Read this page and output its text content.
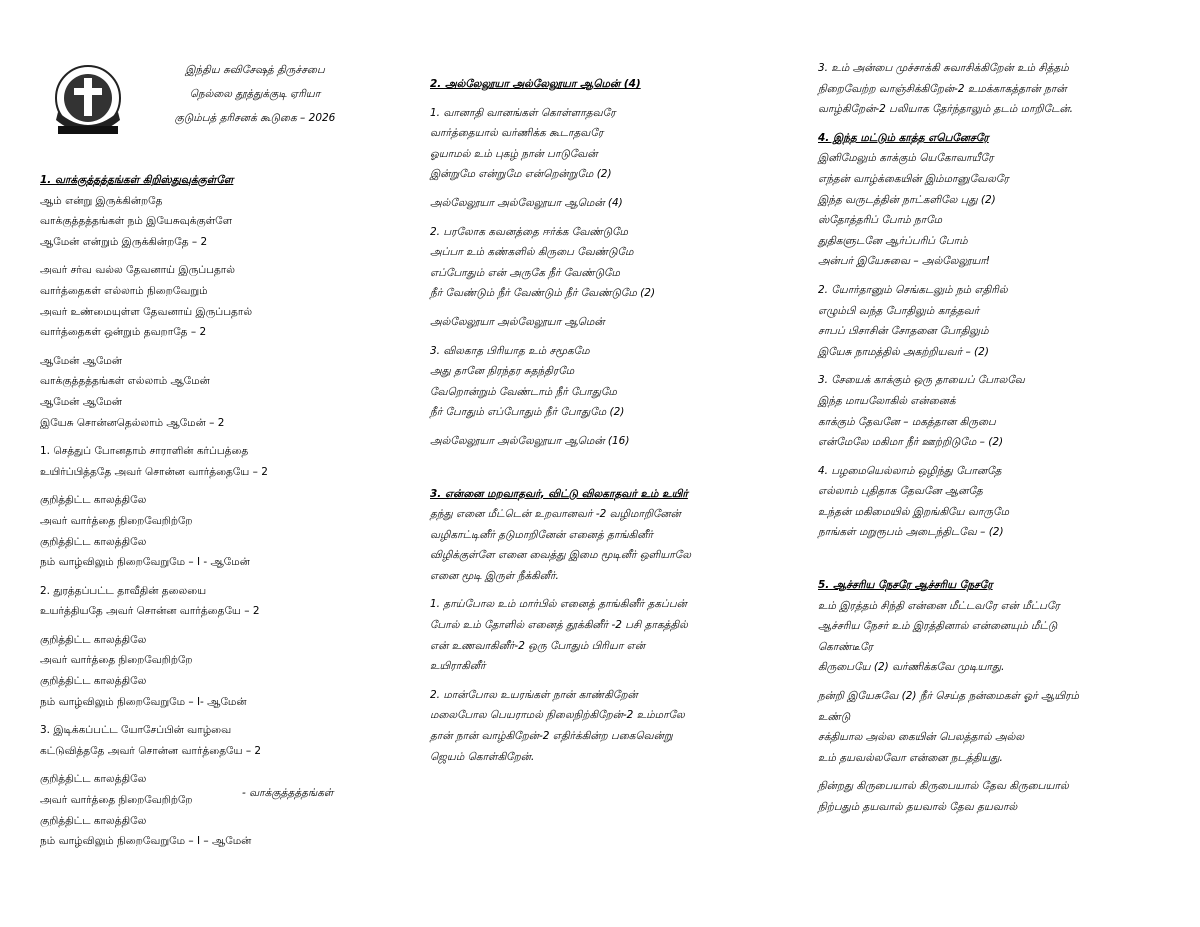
இந்திய சுவிசேஷத் திருச்சபை
நெல்லை தூத்துக்குடி ஏரியா
குடும்பத் தரிசனக் கூடுகை – 2026
1. வாக்குத்தத்தங்கள் கிறிஸ்துவுக்குள்ளே
ஆம் என்று இருக்கின்றதே
வாக்குத்தத்தங்கள் நம் இயேசுவுக்குள்ளே
ஆமேன் என்றும் இருக்கின்றதே – 2
அவர் சர்வ வல்ல தேவனாய் இருப்பதால்
வார்த்தைகள் எல்லாம் நிறைவேறும்
அவர் உண்மையுள்ள தேவனாய் இருப்பதால்
வார்த்தைகள் ஒன்றும் தவறாதே – 2
ஆமேன் ஆமேன்
வாக்குத்தத்தங்கள் எல்லாம் ஆமேன்
ஆமேன் ஆமேன்
இயேசு சொன்னதெல்லாம் ஆமேன் – 2
1. செத்துப் போனதாம் சாராளின் கர்ப்பத்தை
உயிர்ப்பித்ததே அவர் சொன்ன வார்த்தையே – 2
குறித்திட்ட காலத்திலே
அவர் வார்த்தை நிறைவேறிற்றே
குறித்திட்ட காலத்திலே
நம் வாழ்விலும் நிறைவேறுமே – I - ஆமேன்
2. துரத்தப்பட்ட தாவீதின் தலையை
உயர்த்தியதே அவர் சொன்ன வார்த்தையே – 2
குறித்திட்ட காலத்திலே
அவர் வார்த்தை நிறைவேறிற்றே
குறித்திட்ட காலத்திலே
நம் வாழ்விலும் நிறைவேறுமே – I- ஆமேன்
3. இடிக்கப்பட்ட யோசேப்பின் வாழ்வை
கட்டுவித்ததே அவர் சொன்ன வார்த்தையே – 2
குறித்திட்ட காலத்திலே
அவர் வார்த்தை நிறைவேறிற்றே
குறித்திட்ட காலத்திலே
நம் வாழ்விலும் நிறைவேறுமே – I – ஆமேன்
- வாக்குத்தத்தங்கள்
2. அல்லேலூயா அல்லேலூயா ஆமென் (4)
1. வானாதி வானங்கள் கொள்ளாதவரே
வார்த்தையால் வர்ணிக்க கூடாதவரே
ஓயாமல் உம் புகழ் நான் பாடுவேன்
இன்றுமே என்றுமே என்றென்றுமே (2)
அல்லேலூயா அல்லேலூயா ஆமென் (4)
2. பரலோக கவனத்தை ஈர்க்க வேண்டுமே
அப்பா உம் கண்களில் கிருபை வேண்டுமே
எப்போதும் என் அருகே நீர் வேண்டுமே
நீர் வேண்டும் நீர் வேண்டும் நீர் வேண்டுமே (2)
அல்லேலூயா அல்லேலூயா ஆமென்
3. விலகாத பிரியாத உம் சமூகமே
அது தானே நிரந்தர சுதந்திரமே
வேறொன்றும் வேண்டாம் நீர் போதுமே
நீர் போதும் எப்போதும் நீர் போதுமே (2)
அல்லேலூயா அல்லேலூயா ஆமென் (16)
3. என்னை மறவாதவர், விட்டு விலகாதவர் உம் உயிர்
தந்து எனை மீட்டென் உறவானவர் -2 வழிமாறினேன்
வழிகாட்டினீர் தடுமாறினேன் எனைத் தாங்கினீர்
விழிக்குள்ளே எனை வைத்து இமை மூடினீர் ஒளியாலே
எனை மூடி இருள் நீக்கினீர்.
1. தாய்போல உம் மார்பில் எனைத் தாங்கினீர் தகப்பன்
போல் உம் தோளில் எனைத் தூக்கினீர் -2 பசி தாகத்தில்
என் உணவாகினீர்-2 ஒரு போதும் பிரியா என்
உயிராகினீர்
2. மான்போல உயரங்கள் நான் காண்கிறேன்
மலைபோல பெயராமல் நிலைநிற்கிறேன்-2 உம்மாலே
தான் நான் வாழ்கிறேன்-2 எதிர்க்கின்ற பகைவென்று
ஜெயம் கொள்கிறேன்.
3. உம் அன்பை முச்சாக்கி சுவாசிக்கிறேன் உம் சித்தம்
நிறைவேற்ற வாஞ்சிக்கிறேன்-2 உமக்காகத்தான் நான்
வாழ்கிறேன்-2 பலியாக தேர்ந்தாலும் தடம் மாறிடேன்.
4. இந்த மட்டும் காத்த எபெனேசரே
இனிமேலும் காக்கும் யெகோவாயீரே
எந்தன் வாழ்க்கையின் இம்மானுவேலரே
இந்த வருடத்தின் நாட்களிலே புது (2)
ஸ்தோத்தரிப் போம் நாமே
துதிகளுடனே ஆர்ப்பரிப் போம்
அன்பர் இயேசுவை – அல்லேலூயா!
2. யோர்தானும் செங்கடலும் நம் எதிரில்
எழும்பி வந்த போதிலும் காத்தவர்
சாபப் பிசாசின் சோதனை போதிலும்
இயேசு நாமத்தில் அகற்றியவர் – (2)
3. சேயைக் காக்கும் ஒரு தாயைப் போலவே
இந்த மாயலோகில் என்னைக்
காக்கும் தேவனே – மகத்தான கிருபை
என்மேலே மகிமா நீர் ஊற்றிடுமே – (2)
4. பழமையெல்லாம் ஒழிந்து போனதே
எல்லாம் புதிதாக தேவனே ஆனதே
உந்தன் மகிமையில் இறங்கியே வாருமே
நாங்கள் மறுரூபம் அடைந்திடவே – (2)
5. ஆச்சரிய நேசரே ஆச்சரிய நேசரே
உம் இரத்தம் சிந்தி என்னை மீட்டவரே என் மீட்பரே
ஆச்சரிய நேசர் உம் இரத்தினால் என்னையும் மீட்டு
கொண்டீரே
கிருபையே (2) வர்ணிக்கவே முடியாது.
நன்றி இயேசுவே (2) நீர் செய்த நன்மைகள் ஓர் ஆயிரம்
உண்டு
சக்தியால அல்ல கையின் பெலத்தால் அல்ல
உம் தயவல்லவோ என்னை நடத்தியது.
நின்றது கிருபையால் கிருபையால் தேவ கிருபையால்
நிற்பதும் தயவால் தயவால் தேவ தயவால்
